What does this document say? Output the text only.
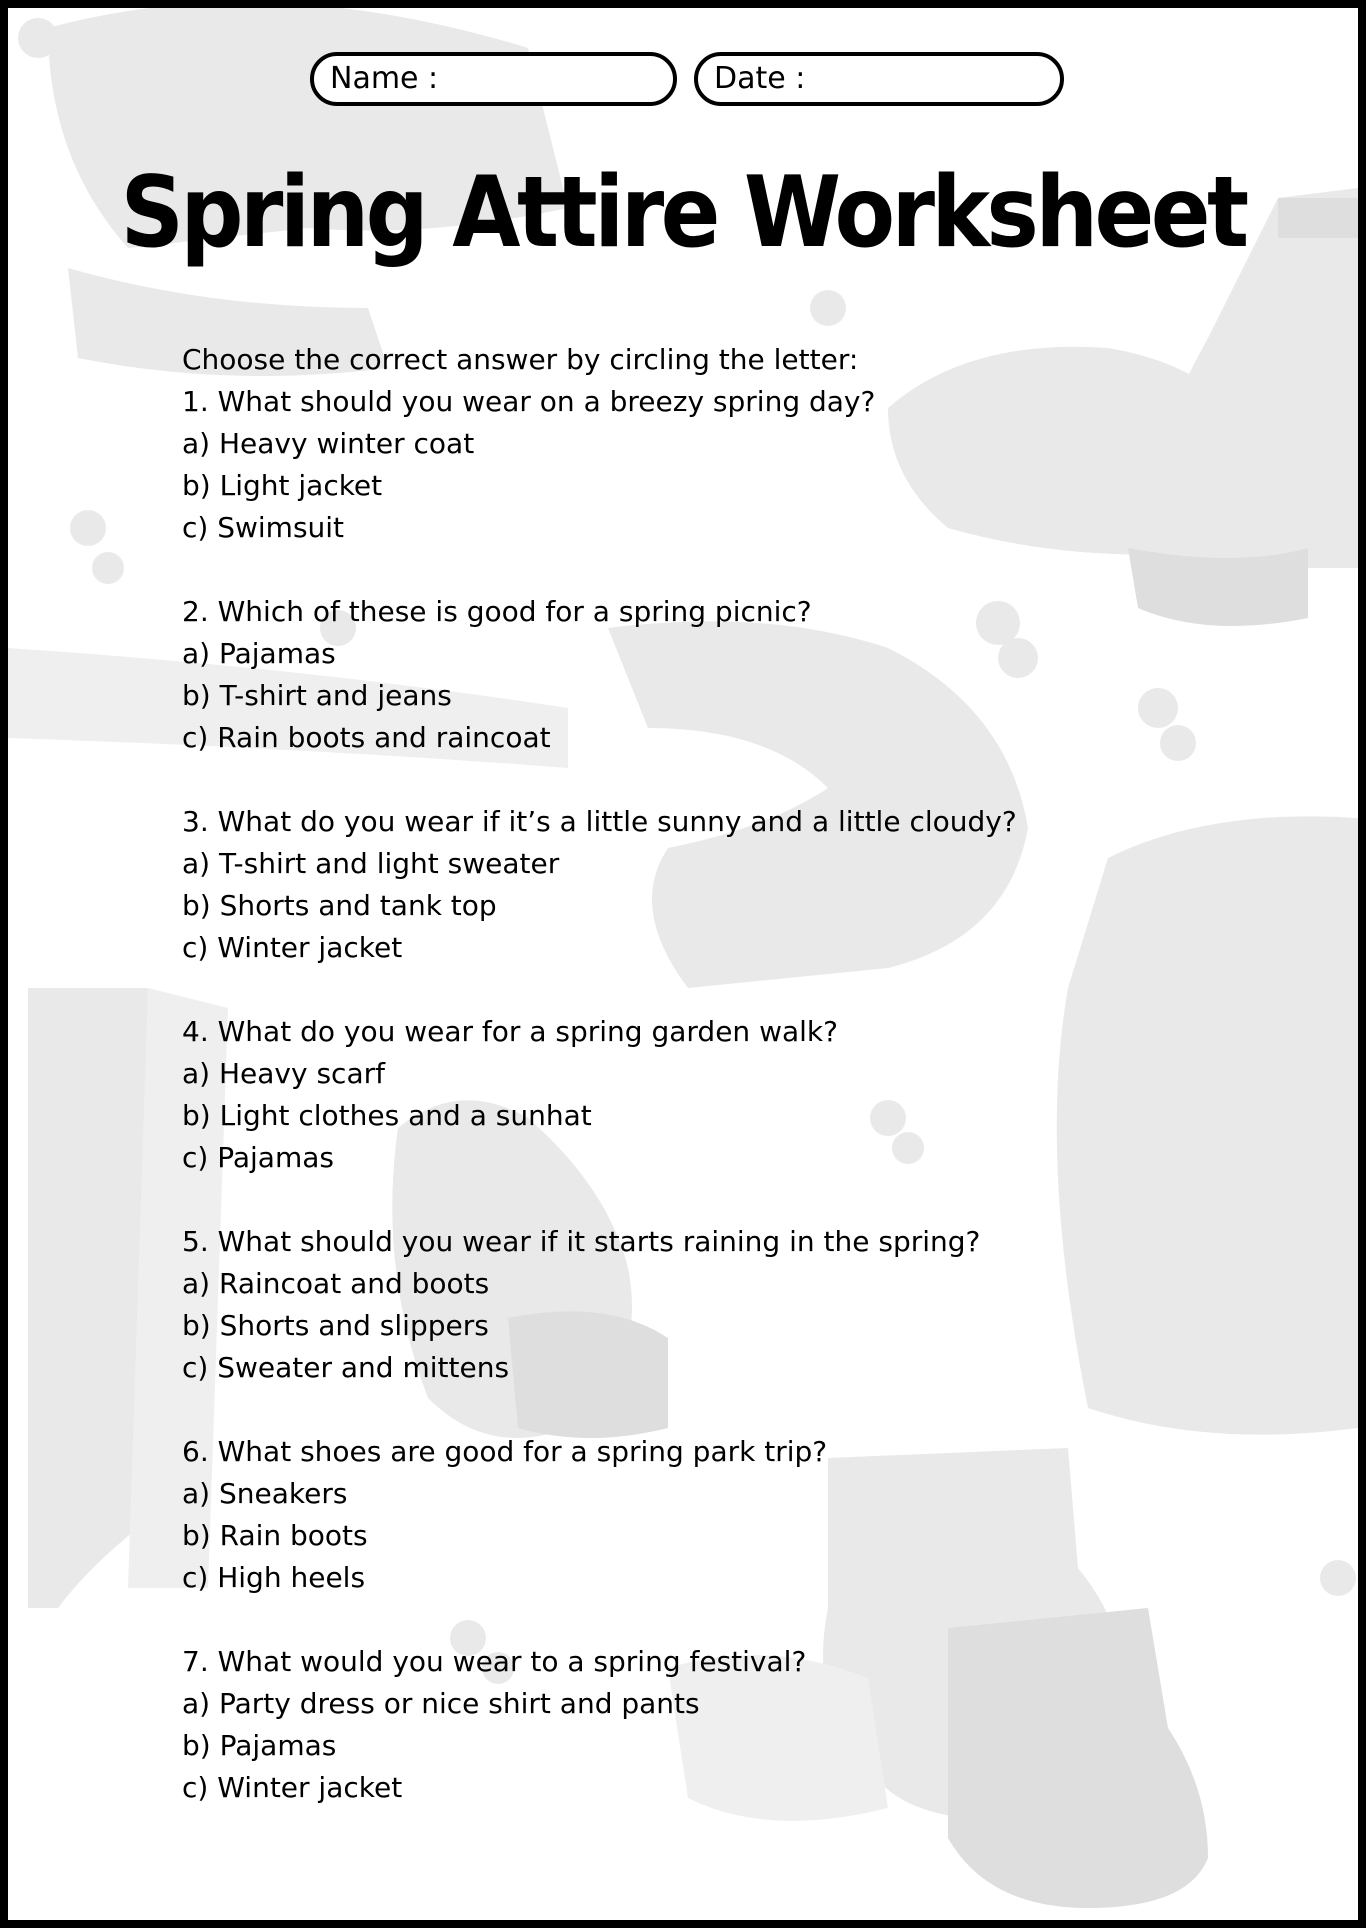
Name :	Date :
Spring Attire Worksheet

Choose the correct answer by circling the letter:

1. What should you wear on a breezy spring day?

a) Heavy winter coat

b) Light jacket

c) Swimsuit

2. Which of these is good for a spring picnic?

a) Pajamas

b) T-shirt and jeans

c) Rain boots and raincoat

3. What do you wear if it’s a little sunny and a little cloudy?

a) T-shirt and light sweater

b) Shorts and tank top

c) Winter jacket

4. What do you wear for a spring garden walk?

a) Heavy scarf

b) Light clothes and a sunhat

c) Pajamas

5. What should you wear if it starts raining in the spring?

a) Raincoat and boots

b) Shorts and slippers

c) Sweater and mittens

6. What shoes are good for a spring park trip?

a) Sneakers

b) Rain boots

c) High heels

7. What would you wear to a spring festival?

a) Party dress or nice shirt and pants

b) Pajamas

c) Winter jacket
